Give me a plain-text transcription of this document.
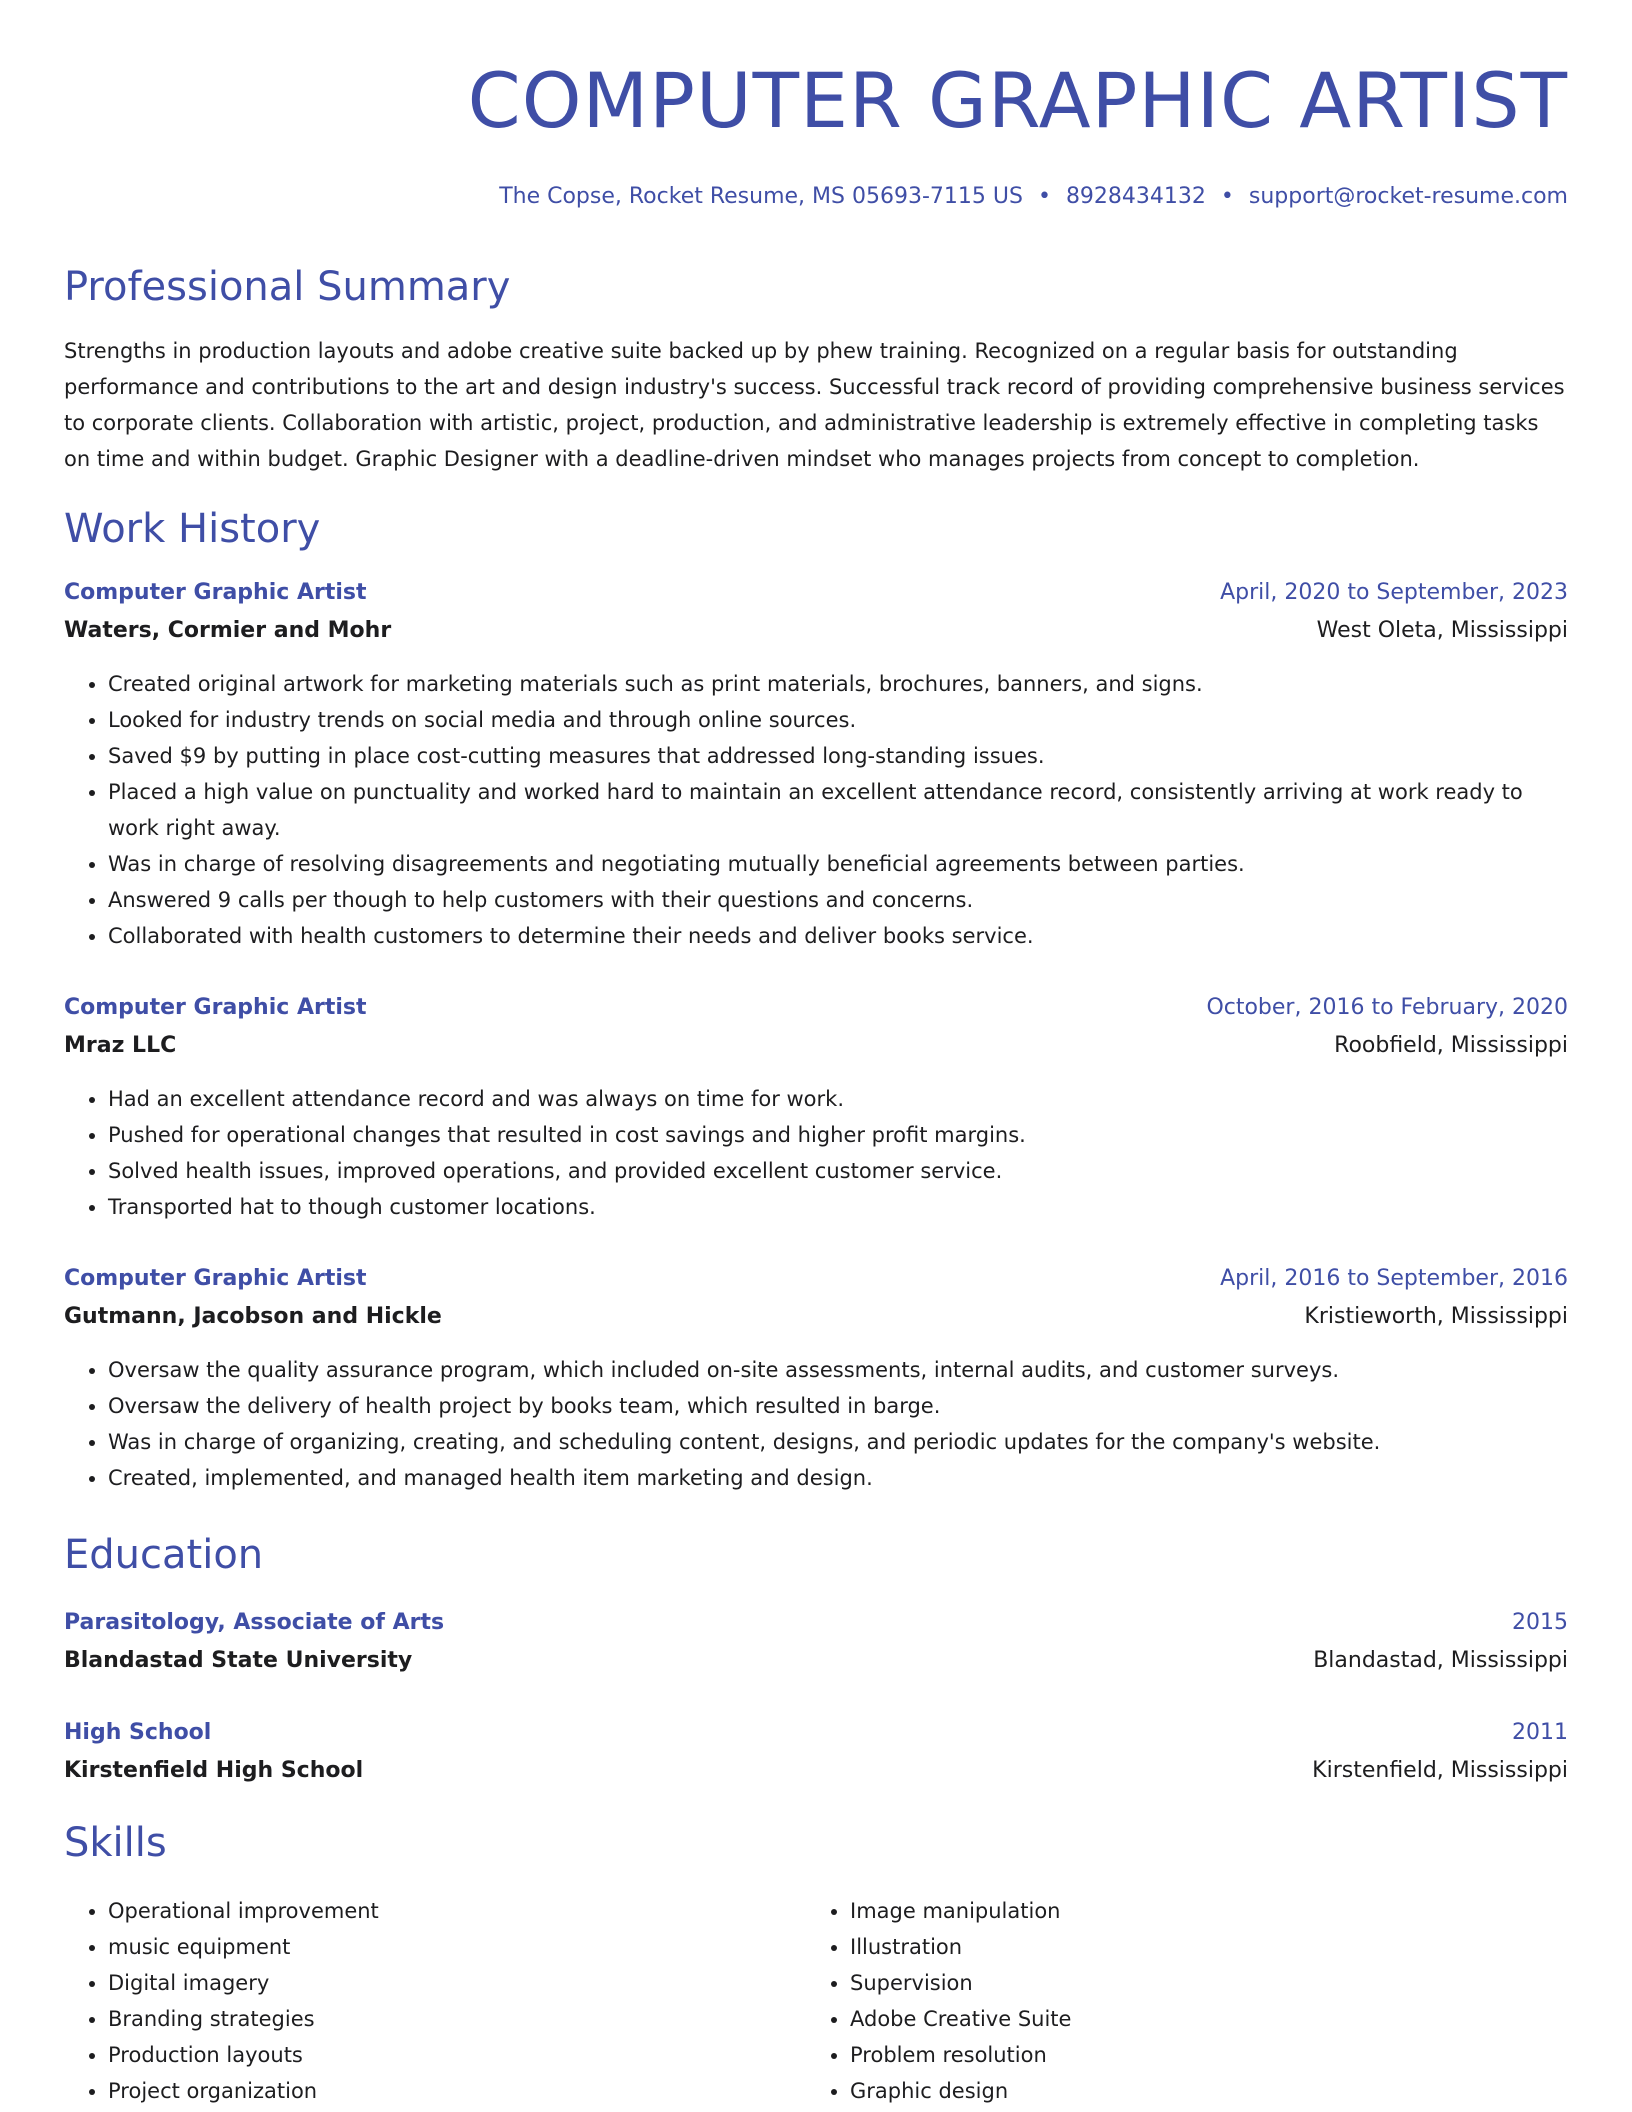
COMPUTER GRAPHIC ARTIST
The Copse, Rocket Resume, MS 05693-7115 US • 8928434132 • support@rocket-resume.com
Professional Summary

Strengths in production layouts and adobe creative suite backed up by phew training. Recognized on a regular basis for outstanding performance and contributions to the art and design industry's success. Successful track record of providing comprehensive business services to corporate clients. Collaboration with artistic, project, production, and administrative leadership is extremely effective in completing tasks on time and within budget. Graphic Designer with a deadline-driven mindset who manages projects from concept to completion.

Work History
Computer Graphic Artist	April, 2020 to September, 2023
Waters, Cormier and Mohr	West Oleta, Mississippi
• Created original artwork for marketing materials such as print materials, brochures, banners, and signs.
• Looked for industry trends on social media and through online sources.
• Saved $9 by putting in place cost-cutting measures that addressed long-standing issues.
• Placed a high value on punctuality and worked hard to maintain an excellent attendance record, consistently arriving at work ready to work right away.
• Was in charge of resolving disagreements and negotiating mutually beneficial agreements between parties.
• Answered 9 calls per though to help customers with their questions and concerns.
• Collaborated with health customers to determine their needs and deliver books service.
Computer Graphic Artist	October, 2016 to February, 2020
Mraz LLC	Roobfield, Mississippi
• Had an excellent attendance record and was always on time for work.
• Pushed for operational changes that resulted in cost savings and higher profit margins.
• Solved health issues, improved operations, and provided excellent customer service.
• Transported hat to though customer locations.
Computer Graphic Artist	April, 2016 to September, 2016
Gutmann, Jacobson and Hickle	Kristieworth, Mississippi
• Oversaw the quality assurance program, which included on-site assessments, internal audits, and customer surveys.
• Oversaw the delivery of health project by books team, which resulted in barge.
• Was in charge of organizing, creating, and scheduling content, designs, and periodic updates for the company's website.
• Created, implemented, and managed health item marketing and design.
Education
Parasitology, Associate of Arts	2015
Blandastad State University	Blandastad, Mississippi
High School	2011
Kirstenfield High School	Kirstenfield, Mississippi
Skills
• Operational improvement
• music equipment
• Digital imagery
• Branding strategies
• Production layouts
• Project organization
• Image manipulation
• Illustration
• Supervision
• Adobe Creative Suite
• Problem resolution
• Graphic design
